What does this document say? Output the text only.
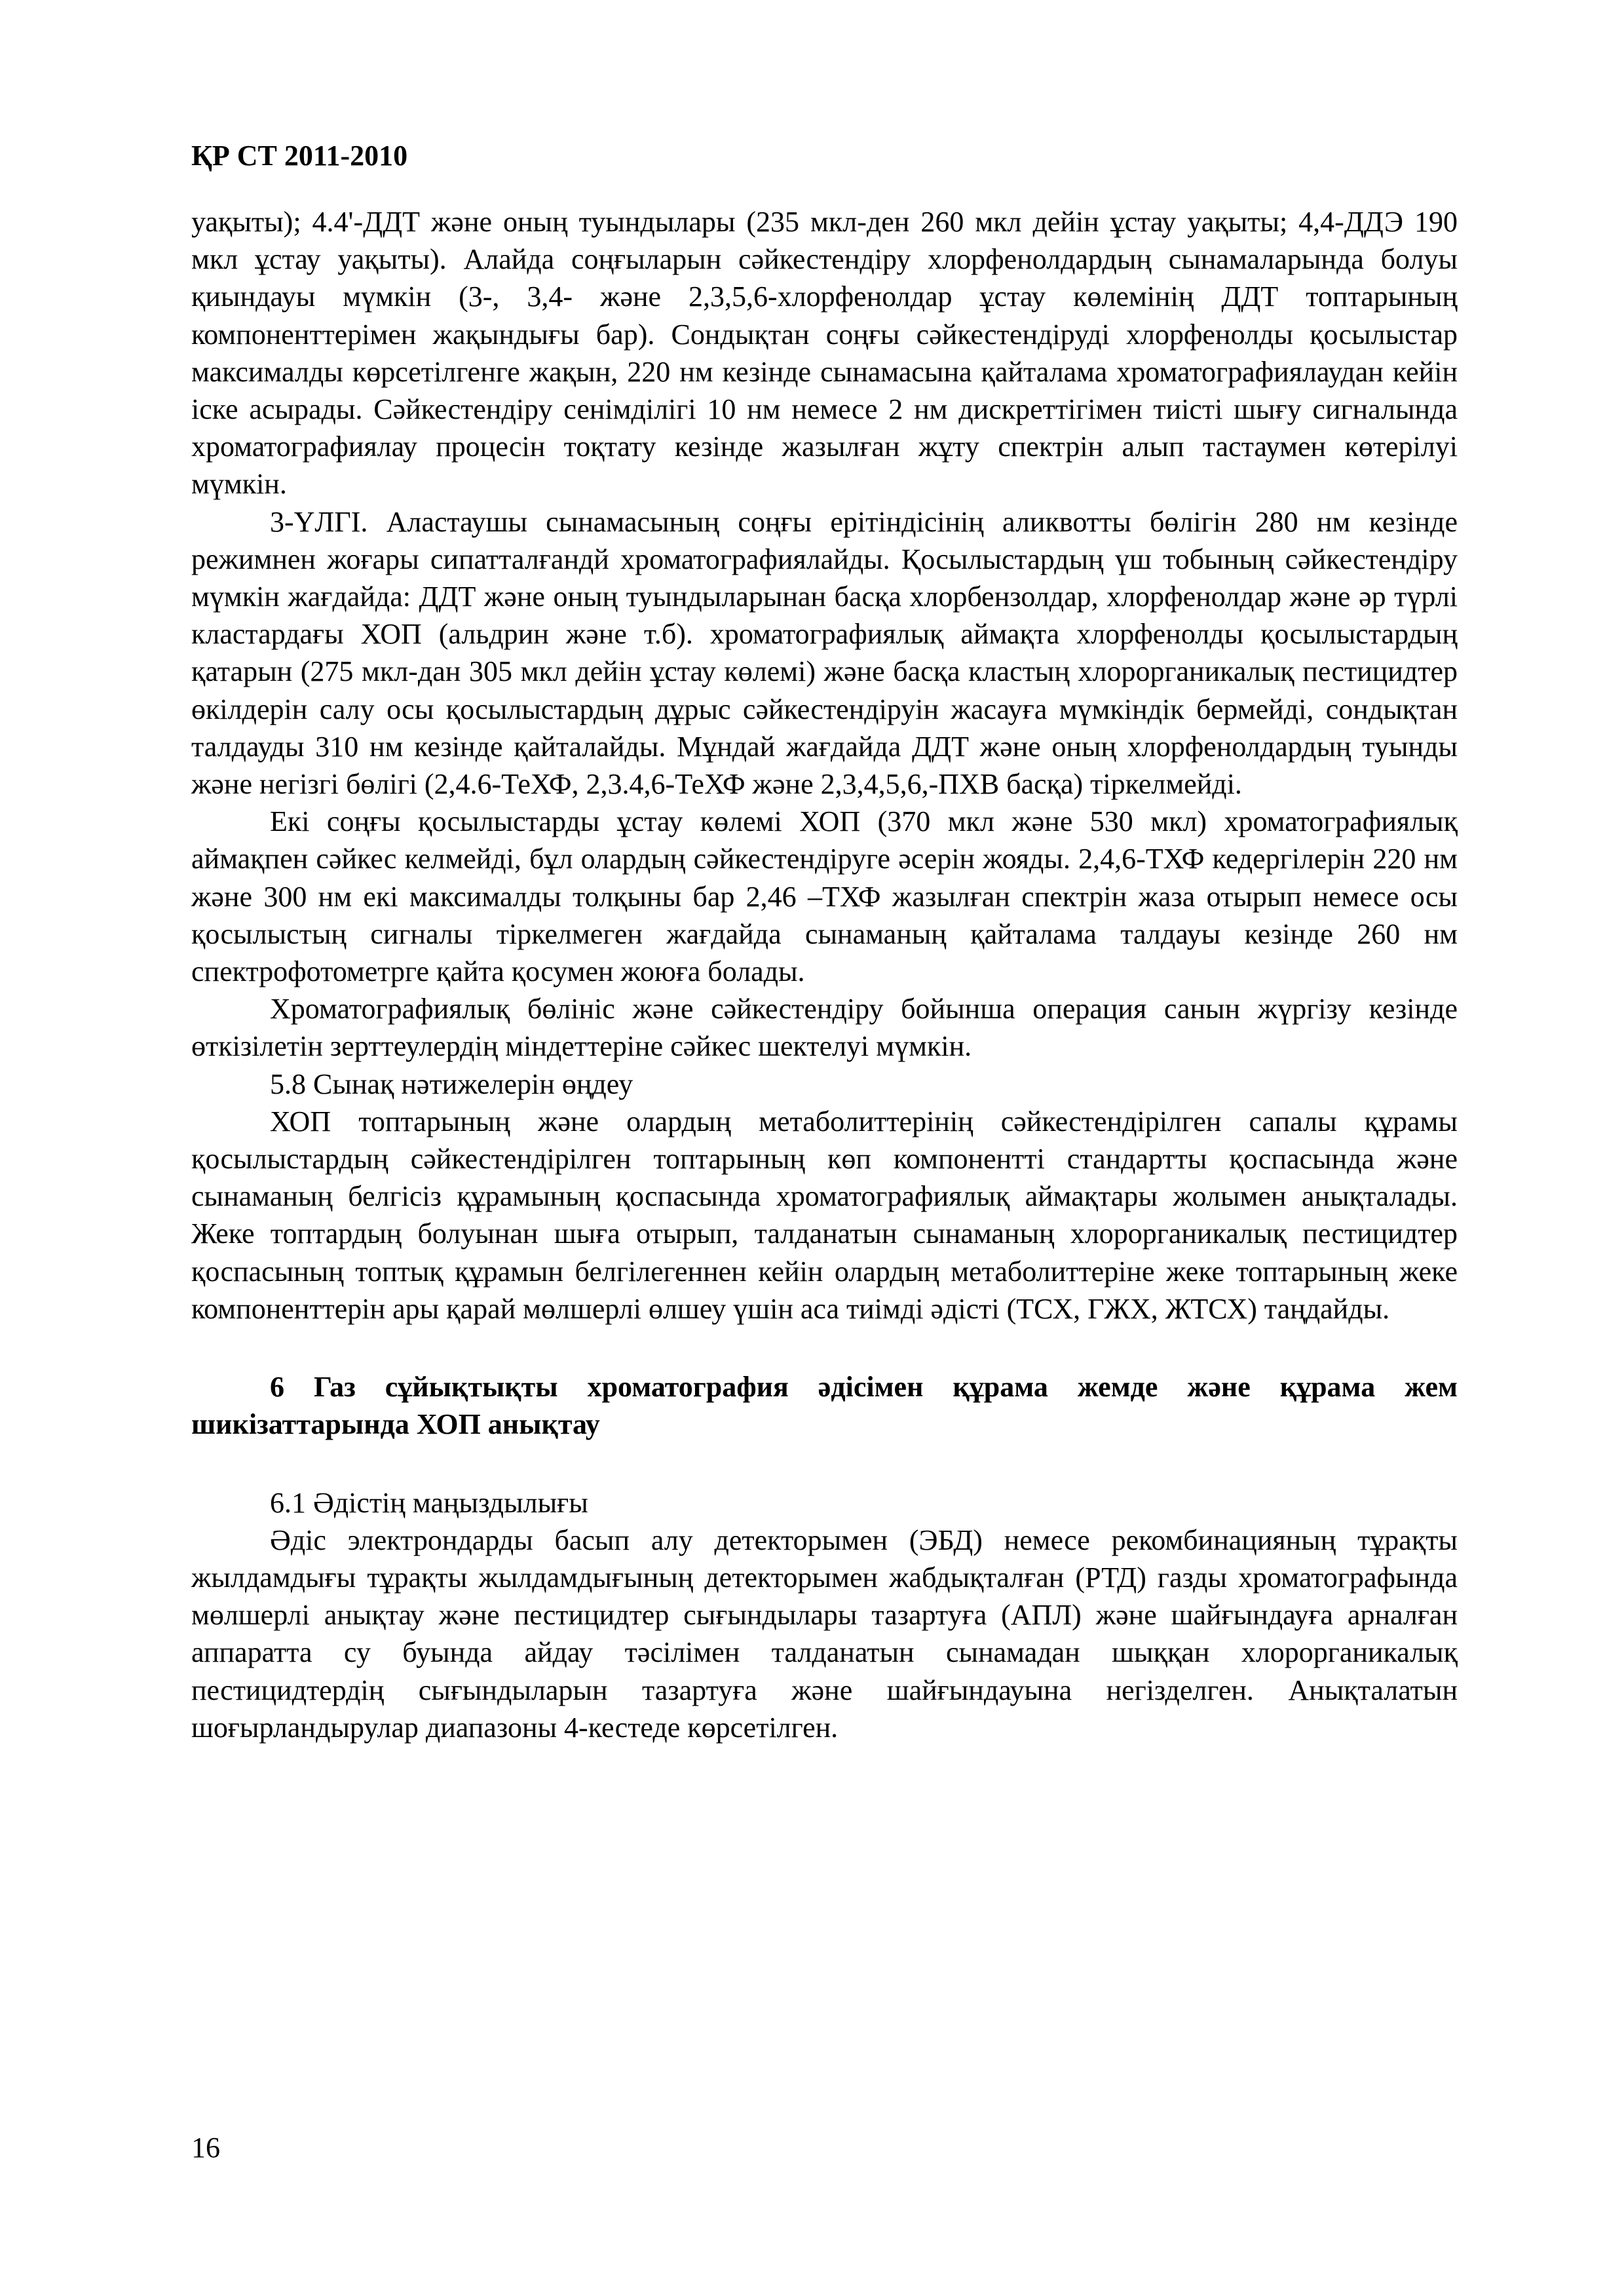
ҚР СТ 2011-2010

уақыты); 4.4'-ДДТ және оның туындылары (235 мкл-ден 260 мкл дейін ұстау уақыты; 4,4-ДДЭ 190 мкл ұстау уақыты). Алайда соңғыларын сәйкестендіру хлорфенолдардың сынамаларында болуы қиындауы мүмкін (3-, 3,4- және 2,3,5,6-хлорфенолдар ұстау көлемінің ДДТ топтарының компоненттерімен жақындығы бар). Сондықтан соңғы сәйкестендіруді хлорфенолды қосылыстар максималды көрсетілгенге жақын, 220 нм кезінде сынамасына қайталама хроматографиялаудан кейін іске асырады. Сәйкестендіру сенімділігі 10 нм немесе 2 нм дискреттігімен тиісті шығу сигналында хроматографиялау процесін тоқтату кезінде жазылған жұту спектрін алып тастаумен көтерілуі мүмкін.

3-ҮЛГІ. Аластаушы сынамасының соңғы ерітіндісінің аликвотты бөлігін 280 нм кезінде режимнен жоғары сипатталғандй хроматографиялайды. Қосылыстардың үш тобының сәйкестендіру мүмкін жағдайда: ДДТ және оның туындыларынан басқа хлорбензолдар, хлорфенолдар және әр түрлі кластардағы ХОП (альдрин және т.б). хроматографиялық аймақта хлорфенолды қосылыстардың қатарын (275 мкл-дан 305 мкл дейін ұстау көлемі) және басқа кластың хлорорганикалық пестицидтер өкілдерін салу осы қосылыстардың дұрыс сәйкестендіруін жасауға мүмкіндік бермейді, сондықтан талдауды 310 нм кезінде қайталайды. Мұндай жағдайда ДДТ және оның хлорфенолдардың туынды және негізгі бөлігі (2,4.6-ТеХФ, 2,3.4,6-ТеХФ және 2,3,4,5,6,-ПХВ басқа) тіркелмейді.

Екі соңғы қосылыстарды ұстау көлемі ХОП (370 мкл және 530 мкл) хроматографиялық аймақпен сәйкес келмейді, бұл олардың сәйкестендіруге әсерін жояды. 2,4,6-ТХФ кедергілерін 220 нм және 300 нм екі максималды толқыны бар 2,46 –ТХФ жазылған спектрін жаза отырып немесе осы қосылыстың сигналы тіркелмеген жағдайда сынаманың қайталама талдауы кезінде 260 нм спектрофотометрге қайта қосумен жоюға болады.

Хроматографиялық бөлініс және сәйкестендіру бойынша операция санын жүргізу кезінде өткізілетін зерттеулердің міндеттеріне сәйкес шектелуі мүмкін.

5.8 Сынақ нәтижелерін өңдеу

ХОП топтарының және олардың метаболиттерінің сәйкестендірілген сапалы құрамы қосылыстардың сәйкестендірілген топтарының көп компонентті стандартты қоспасында және сынаманың белгісіз құрамының қоспасында хроматографиялық аймақтары жолымен анықталады. Жеке топтардың болуынан шыға отырып, талданатын сынаманың хлорорганикалық пестицидтер қоспасының топтық құрамын белгілегеннен кейін олардың метаболиттеріне жеке топтарының жеке компоненттерін ары қарай мөлшерлі өлшеу үшін аса тиімді әдісті (ТСХ, ГЖХ, ЖТСХ) таңдайды.

6 Газ сұйықтықты хроматография әдісімен құрама жемде және құрама жем шикізаттарында ХОП анықтау

6.1 Әдістің маңыздылығы

Әдіс электрондарды басып алу детекторымен (ЭБД) немесе рекомбинацияның тұрақты жылдамдығы тұрақты жылдамдығының детекторымен жабдықталған (РТД) газды хроматографында мөлшерлі анықтау және пестицидтер сығындылары тазартуға (АПЛ) және шайғындауға арналған аппаратта су буында айдау тәсілімен талданатын сынамадан шыққан хлорорганикалық пестицидтердің сығындыларын тазартуға және шайғындауына негізделген. Анықталатын шоғырландырулар диапазоны 4-кестеде көрсетілген.

16
